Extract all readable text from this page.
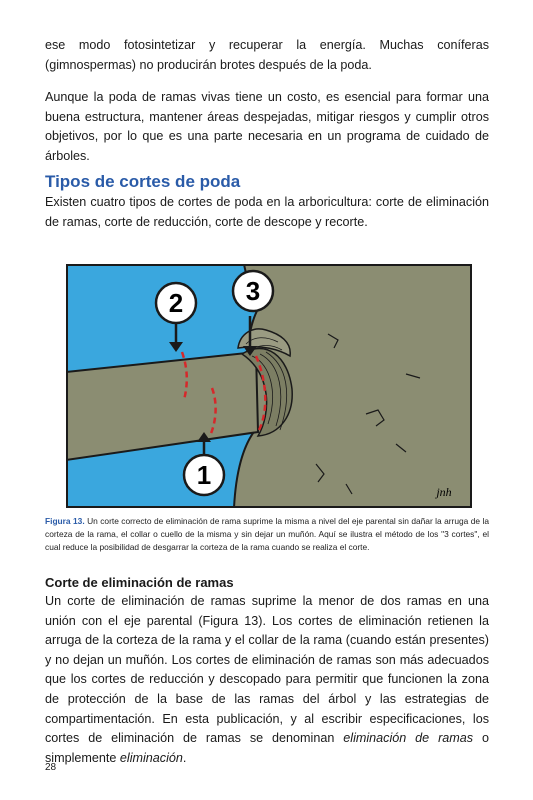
ese modo fotosintetizar y recuperar la energía. Muchas coníferas (gimnospermas) no producirán brotes después de la poda.

Aunque la poda de ramas vivas tiene un costo, es esencial para formar una buena estructura, mantener áreas despejadas, mitigar riesgos y cumplir otros objetivos, por lo que es una parte necesaria en un programa de cuidado de árboles.

Tipos de cortes de poda

Existen cuatro tipos de cortes de poda en la arboricultura: corte de eliminación de ramas, corte de reducción, corte de descope y recorte.

2 3
1
jnh

Figura 13. Un corte correcto de eliminación de rama suprime la misma a nivel del eje parental sin dañar la arruga de la corteza de la rama, el collar o cuello de la misma y sin dejar un muñón. Aquí se ilustra el método de los "3 cortes", el cual reduce la posibilidad de desgarrar la corteza de la rama cuando se realiza el corte.

Corte de eliminación de ramas

Un corte de eliminación de ramas suprime la menor de dos ramas en una unión con el eje parental (Figura 13). Los cortes de eliminación retienen la arruga de la corteza de la rama y el collar de la rama (cuando están presentes) y no dejan un muñón. Los cortes de eliminación de ramas son más adecuados que los cortes de reducción y descopado para permitir que funcionen la zona de protección de la base de las ramas del árbol y las estrategias de compartimentación. En esta publicación, y al escribir especificaciones, los cortes de eliminación de ramas se denominan eliminación de ramas o simplemente eliminación.

28
